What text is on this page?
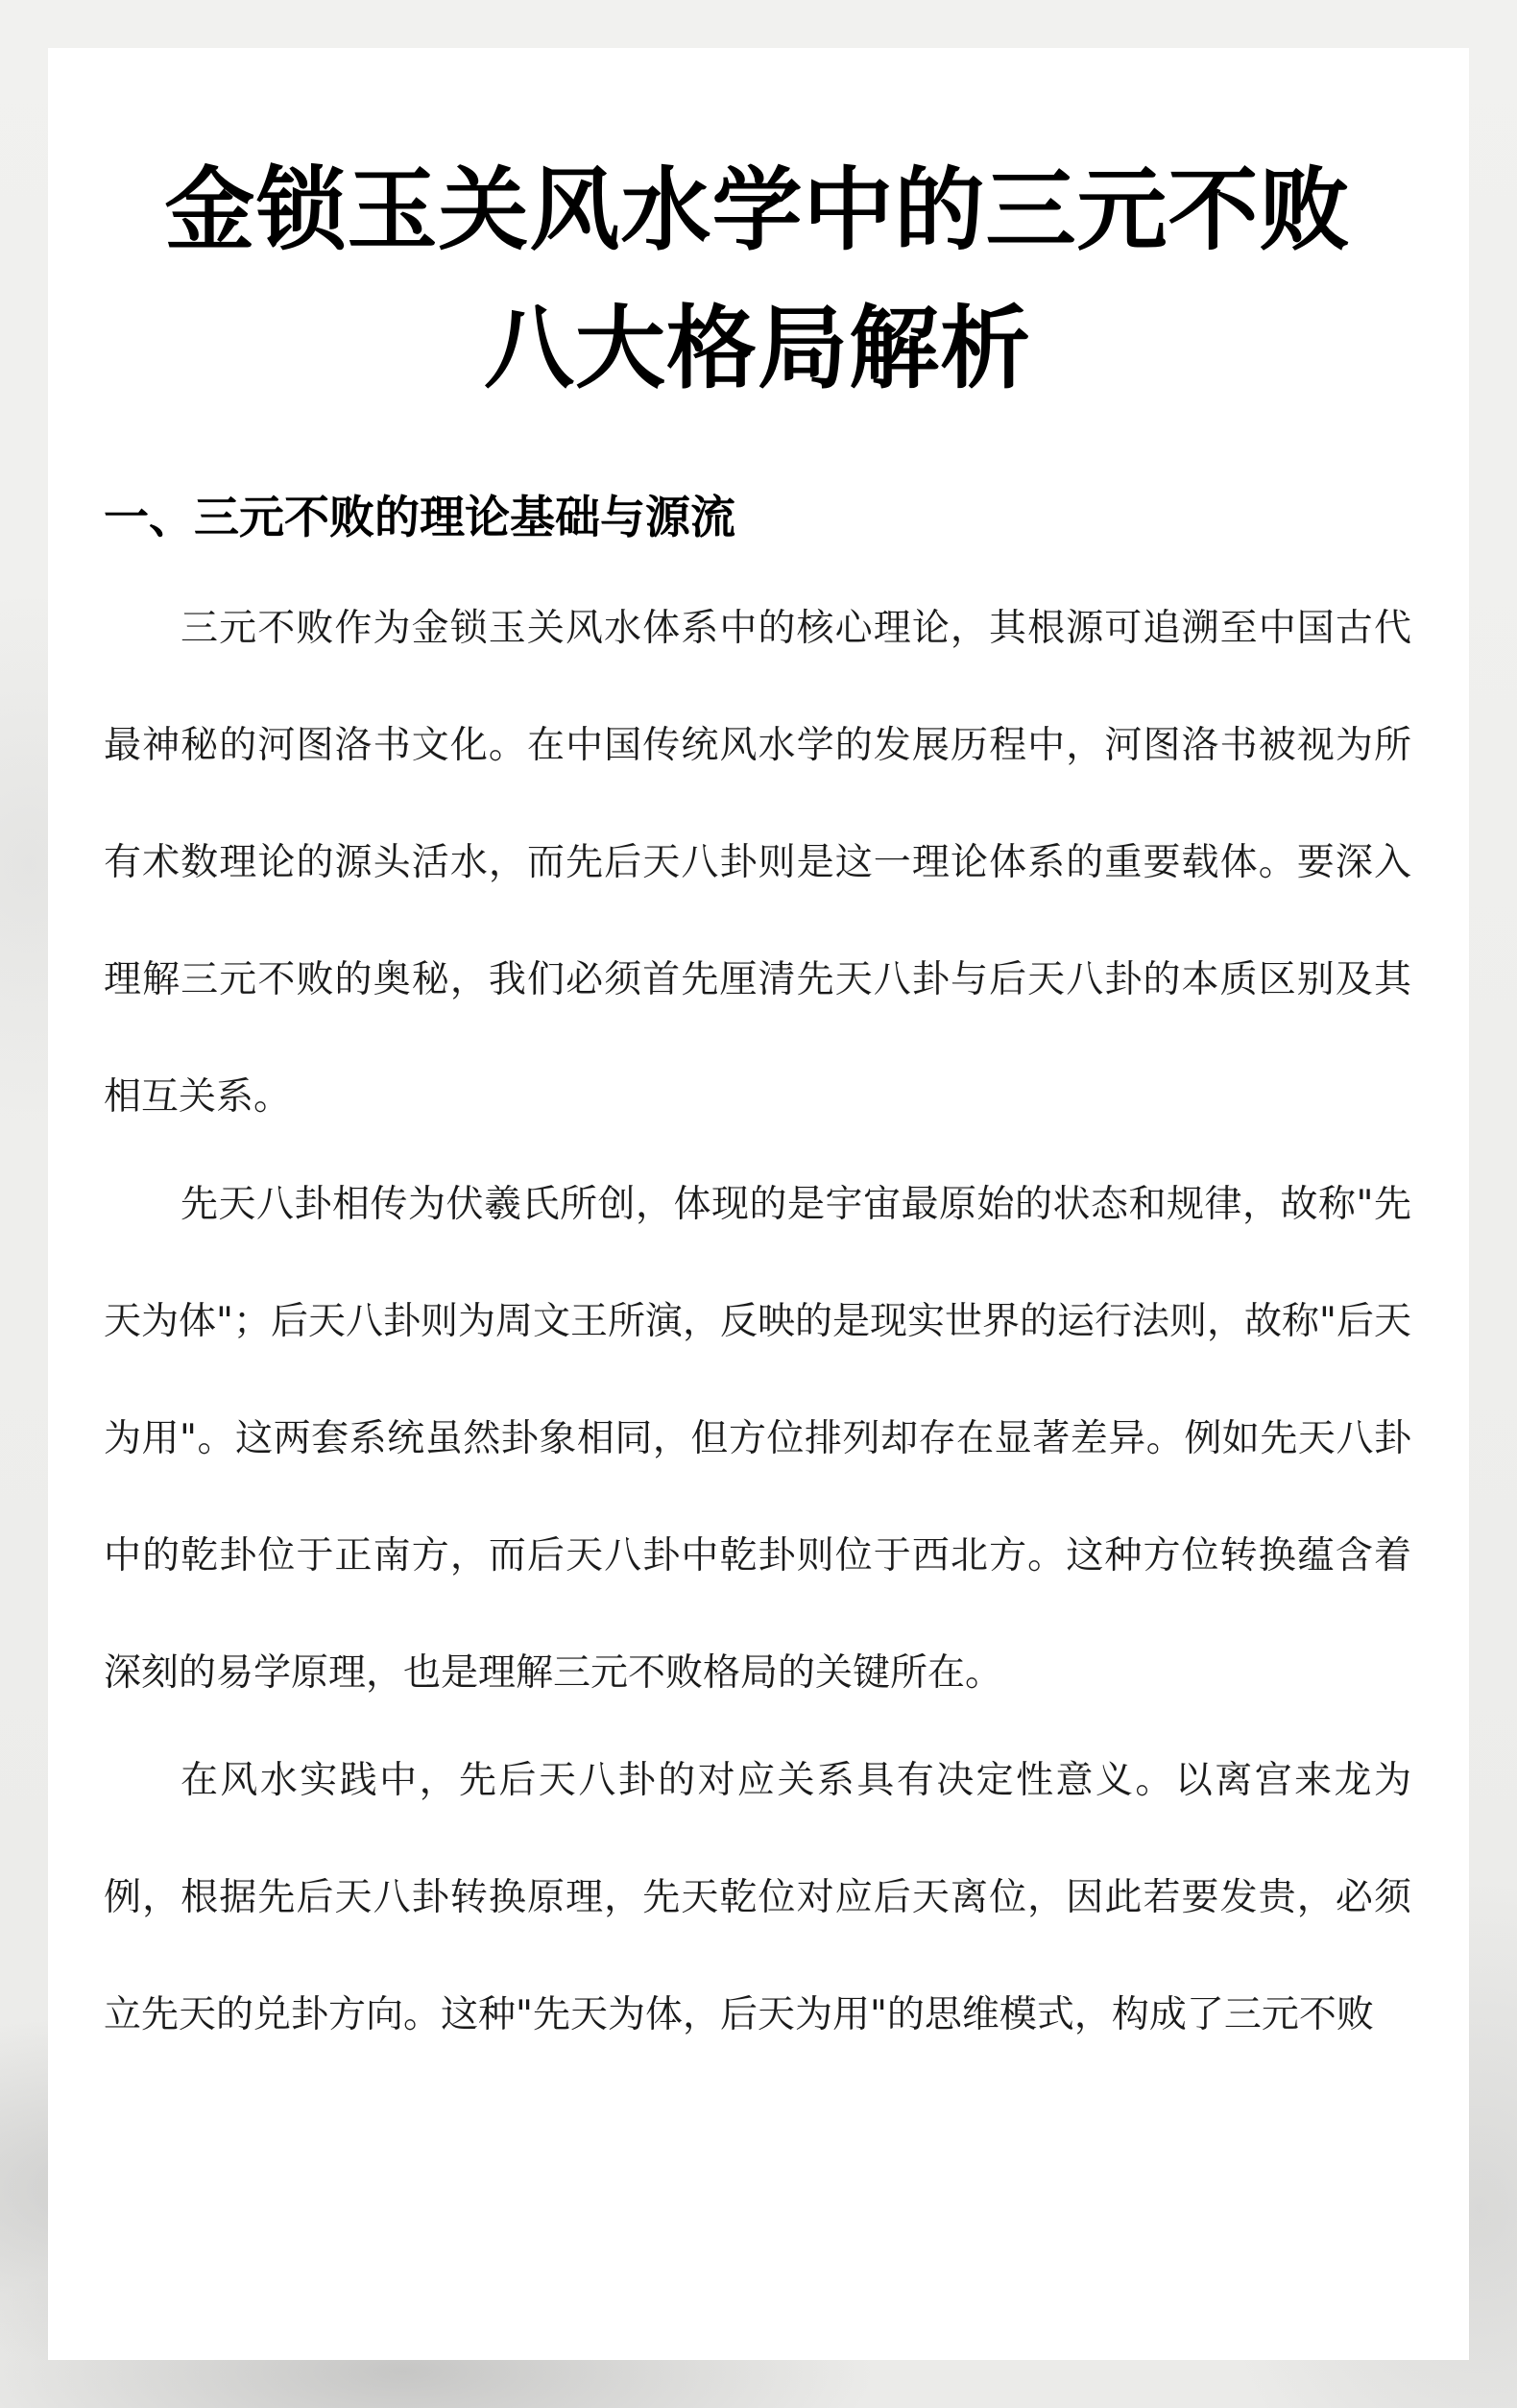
金锁玉关风水学中的三元不败
八大格局解析
一、三元不败的理论基础与源流

三元不败作为金锁玉关风水体系中的核心理论，其根源可追溯至中国古代最神秘的河图洛书文化。在中国传统风水学的发展历程中，河图洛书被视为所有术数理论的源头活水，而先后天八卦则是这一理论体系的重要载体。要深入理解三元不败的奥秘，我们必须首先厘清先天八卦与后天八卦的本质区别及其相互关系。

先天八卦相传为伏羲氏所创，体现的是宇宙最原始的状态和规律，故称"先天为体"；后天八卦则为周文王所演，反映的是现实世界的运行法则，故称"后天为用"。这两套系统虽然卦象相同，但方位排列却存在显著差异。例如先天八卦中的乾卦位于正南方，而后天八卦中乾卦则位于西北方。这种方位转换蕴含着深刻的易学原理，也是理解三元不败格局的关键所在。

在风水实践中，先后天八卦的对应关系具有决定性意义。以离宫来龙为例，根据先后天八卦转换原理，先天乾位对应后天离位，因此若要发贵，必须立先天的兑卦方向。这种"先天为体，后天为用"的思维模式，构成了三元不败
